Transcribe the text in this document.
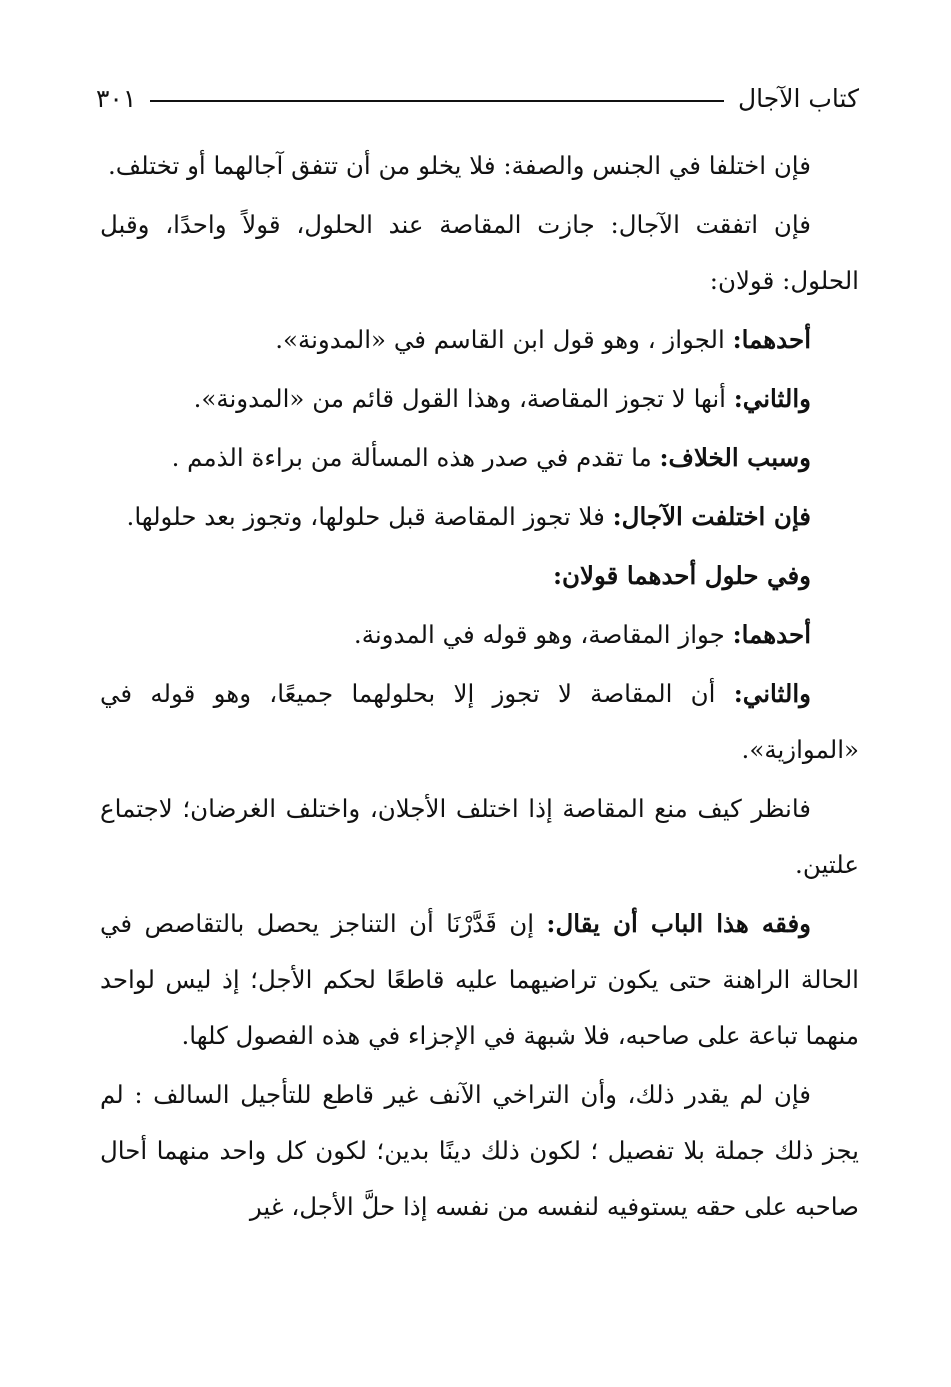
كتاب الآجال
٣٠١

فإن اختلفا في الجنس والصفة: فلا يخلو من أن تتفق آجالهما أو تختلف.

فإن اتفقت الآجال: جازت المقاصة عند الحلول، قولاً واحدًا، وقبل الحلول: قولان:

أحدهما: الجواز ، وهو قول ابن القاسم في «المدونة».

والثاني: أنها لا تجوز المقاصة، وهذا القول قائم من «المدونة».

وسبب الخلاف: ما تقدم في صدر هذه المسألة من براءة الذمم .

فإن اختلفت الآجال: فلا تجوز المقاصة قبل حلولها، وتجوز بعد حلولها.

وفي حلول أحدهما قولان:

أحدهما: جواز المقاصة، وهو قوله في المدونة.

والثاني: أن المقاصة لا تجوز إلا بحلولهما جميعًا، وهو قوله في «الموازية».

فانظر كيف منع المقاصة إذا اختلف الأجلان، واختلف الغرضان؛ لاجتماع علتين.

وفقه هذا الباب أن يقال: إن قَدَّرْنَا أن التناجز يحصل بالتقاصص في الحالة الراهنة حتى يكون تراضيهما عليه قاطعًا لحكم الأجل؛ إذ ليس لواحد منهما تباعة على صاحبه، فلا شبهة في الإجزاء في هذه الفصول كلها.

فإن لم يقدر ذلك، وأن التراخي الآنف غير قاطع للتأجيل السالف : لم يجز ذلك جملة بلا تفصيل ؛ لكون ذلك دينًا بدين؛ لكون كل واحد منهما أحال صاحبه على حقه يستوفيه لنفسه من نفسه إذا حلَّ الأجل، غير
